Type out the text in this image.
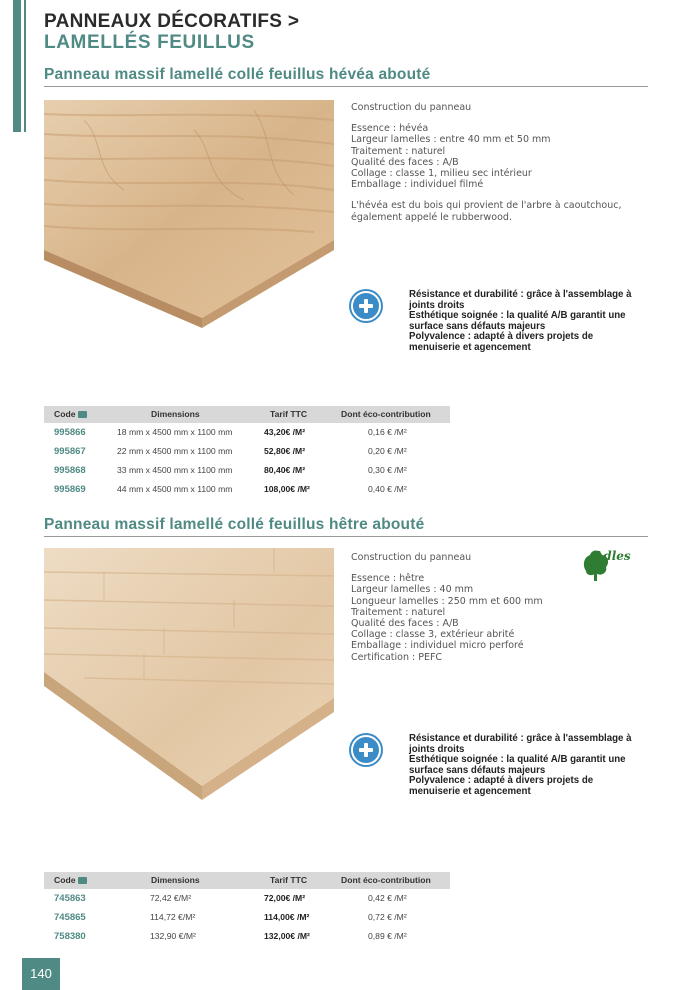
PANNEAUX DÉCORATIFS >
LAMELLÉS FEUILLUS
Panneau massif lamellé collé feuillus hévéa abouté
Construction du panneau
Essence : hévéa
Largeur lamelles : entre 40 mm et 50 mm
Traitement : naturel
Qualité des faces : A/B
Collage : classe 1, milieu sec intérieur
Emballage : individuel filmé
L'hévéa est du bois qui provient de l'arbre à caoutchouc,
également appelé le rubberwood.
Résistance et durabilité : grâce à l'assemblage à
joints droits
Esthétique soignée : la qualité A/B garantit une
surface sans défauts majeurs
Polyvalence : adapté à divers projets de
menuiserie et agencement
Code	Dimensions	Tarif TTC	Dont éco-contribution
995866	18 mm x 4500 mm x 1100 mm	43,20€ /M²	0,16 € /M²
995867	22 mm x 4500 mm x 1100 mm	52,80€ /M²	0,20 € /M²
995868	33 mm x 4500 mm x 1100 mm	80,40€ /M²	0,30 € /M²
995869	44 mm x 4500 mm x 1100 mm	108,00€ /M²	0,40 € /M²
Panneau massif lamellé collé feuillus hêtre abouté
Construction du panneau
Essence : hêtre
Largeur lamelles : 40 mm
Longueur lamelles : 250 mm et 600 mm
Traitement : naturel
Qualité des faces : A/B
Collage : classe 3, extérieur abrité
Emballage : individuel micro perforé
Certification : PEFC
Adles
Résistance et durabilité : grâce à l'assemblage à
joints droits
Esthétique soignée : la qualité A/B garantit une
surface sans défauts majeurs
Polyvalence : adapté à divers projets de
menuiserie et agencement
Code	Dimensions	Tarif TTC	Dont éco-contribution
745863	72,42 €/M²	72,00€ /M²	0,42 € /M²
745865	114,72 €/M²	114,00€ /M²	0,72 € /M²
758380	132,90 €/M²	132,00€ /M²	0,89 € /M²
140
